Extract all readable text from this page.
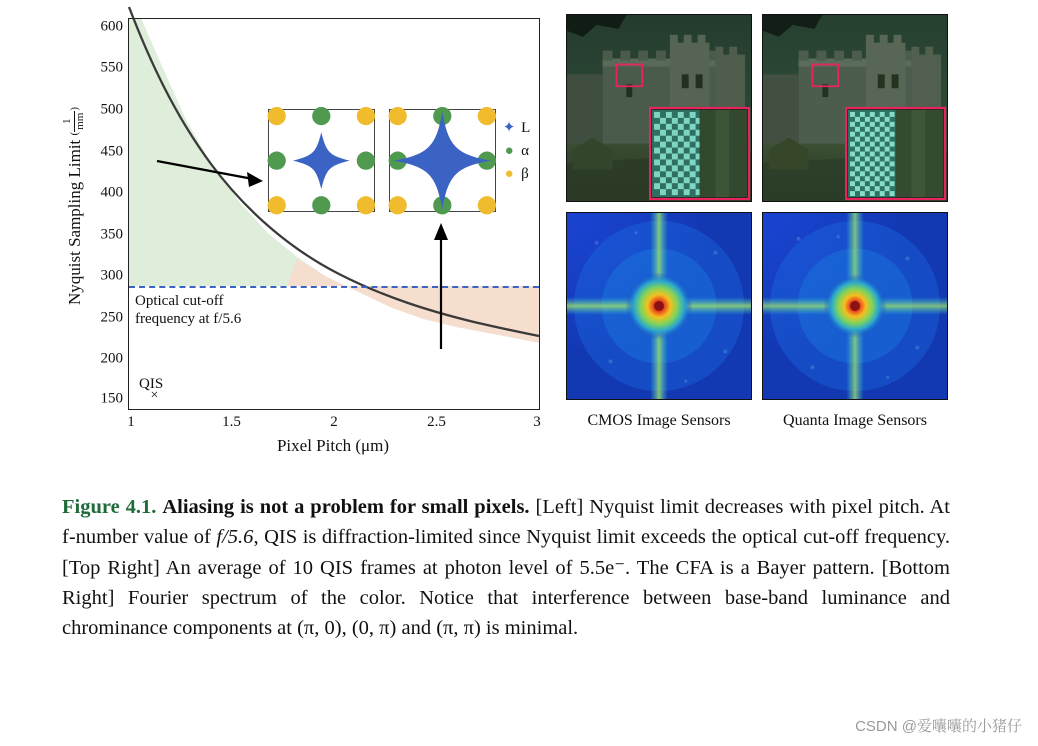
Nyquist Sampling Limit (
1 mm
)
Optical cut-off
frequency at f/5.6
QIS
×
✦ L
● α
● β
600
550
500
450
400
350
300
250
200
150
1	1.5	2	2.5	3
Pixel Pitch (μm)
CMOS Image Sensors	Quanta Image Sensors
Figure 4.1. Aliasing is not a problem for small pixels. [Left] Nyquist limit decreases with pixel pitch. At f-number value of f/5.6, QIS is diffraction-limited since Nyquist limit exceeds the optical cut-off frequency. [Top Right] An average of 10 QIS frames at photon level of 5.5e⁻. The CFA is a Bayer pattern. [Bottom Right] Fourier spectrum of the color. Notice that interference between base-band luminance and chrominance components at (π, 0), (0, π) and (π, π) is minimal.
CSDN @爱囔囔的小猪仔
